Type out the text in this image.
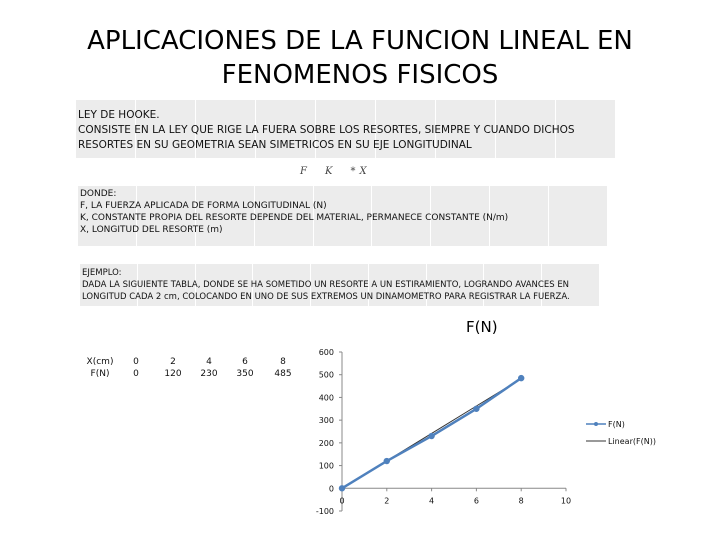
APLICACIONES DE LA FUNCION LINEAL EN
FENOMENOS FISICOS
LEY DE HOOKE.
CONSISTE EN LA LEY QUE RIGE LA FUERA SOBRE LOS RESORTES, SIEMPRE Y CUANDO DICHOS
RESORTES EN SU GEOMETRIA SEAN SIMETRICOS EN SU EJE LONGITUDINAL
F K * X
DONDE:
F, LA FUERZA APLICADA DE FORMA LONGITUDINAL (N)
K, CONSTANTE PROPIA DEL RESORTE DEPENDE DEL MATERIAL, PERMANECE CONSTANTE (N/m)
X, LONGITUD DEL RESORTE (m)
EJEMPLO:
DADA LA SIGUIENTE TABLA, DONDE SE HA SOMETIDO UN RESORTE A UN ESTIRAMIENTO, LOGRANDO AVANCES EN
LONGITUD CADA 2 cm, COLOCANDO EN UNO DE SUS EXTREMOS UN DINAMOMETRO PARA REGISTRAR LA FUERZA.
X(cm)	0	2	4	6	8
F(N)	0	120	230	350	485
F(N)
-100
0
100
200
300
400
500
600
0	2	4	6	8	10
F(N)
Linear(F(N))
